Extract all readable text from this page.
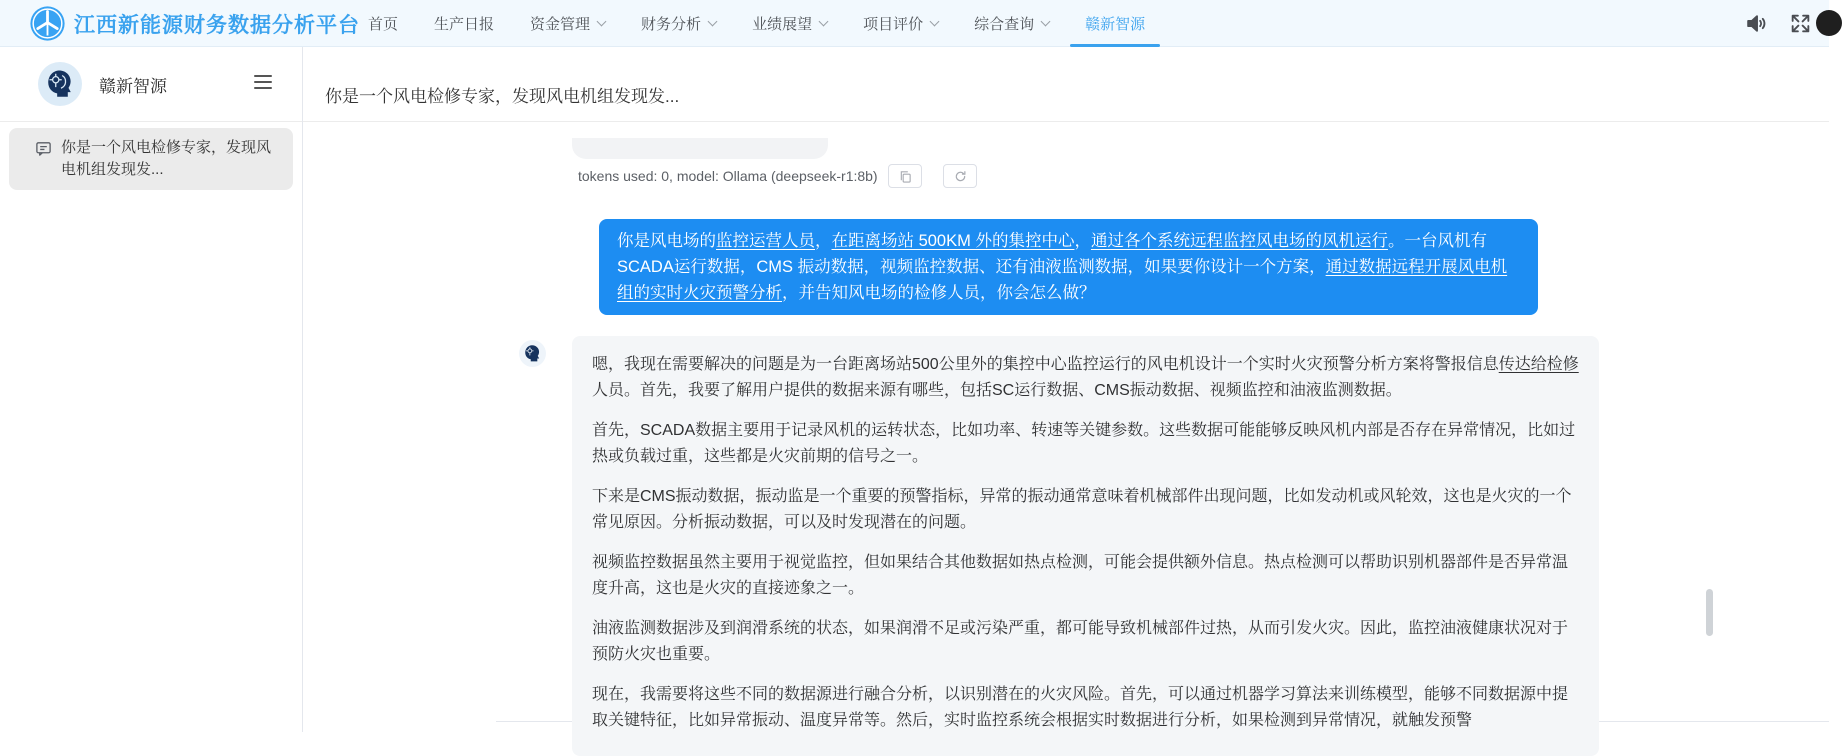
江西新能源财务数据分析平台 首页 生产日报 资金管理	财务分析	业绩展望	项目评价	综合查询	赣新智源
赣新智源
你是一个风电检修专家，发现风电机组发现发...
你是一个风电检修专家，发现风电机组发现发...
tokens used: 0, model: Ollama (deepseek-r1:8b)
你是风电场的监控运营人员，在距离场站 500KM 外的集控中心，通过各个系统远程监控风电场的风机运行。一台风机有SCADA运行数据，CMS 振动数据，视频监控数据、还有油液监测数据，如果要你设计一个方案，通过数据远程开展风电机组的实时火灾预警分析，并告知风电场的检修人员，你会怎么做？

嗯，我现在需要解决的问题是为一台距离场站500公里外的集控中心监控运行的风电机设计一个实时火灾预警分析方案将警报信息传达给检修人员。首先，我要了解用户提供的数据来源有哪些，包括SC运行数据、CMS振动数据、视频监控和油液监测数据。

首先，SCADA数据主要用于记录风机的运转状态，比如功率、转速等关键参数。这些数据可能能够反映风机内部是否存在异常情况，比如过热或负载过重，这些都是火灾前期的信号之一。

下来是CMS振动数据，振动监是一个重要的预警指标，异常的振动通常意味着机械部件出现问题，比如发动机或风轮效，这也是火灾的一个常见原因。分析振动数据，可以及时发现潜在的问题。

视频监控数据虽然主要用于视觉监控，但如果结合其他数据如热点检测，可能会提供额外信息。热点检测可以帮助识别机器部件是否异常温度升高，这也是火灾的直接迹象之一。

油液监测数据涉及到润滑系统的状态，如果润滑不足或污染严重，都可能导致机械部件过热，从而引发火灾。因此，监控油液健康状况对于预防火灾也重要。

现在，我需要将这些不同的数据源进行融合分析，以识别潜在的火灾风险。首先，可以通过机器学习算法来训练模型，能够不同数据源中提取关键特征，比如异常振动、温度异常等。然后，实时监控系统会根据实时数据进行分析，如果检测到异常情况，就触发预警
